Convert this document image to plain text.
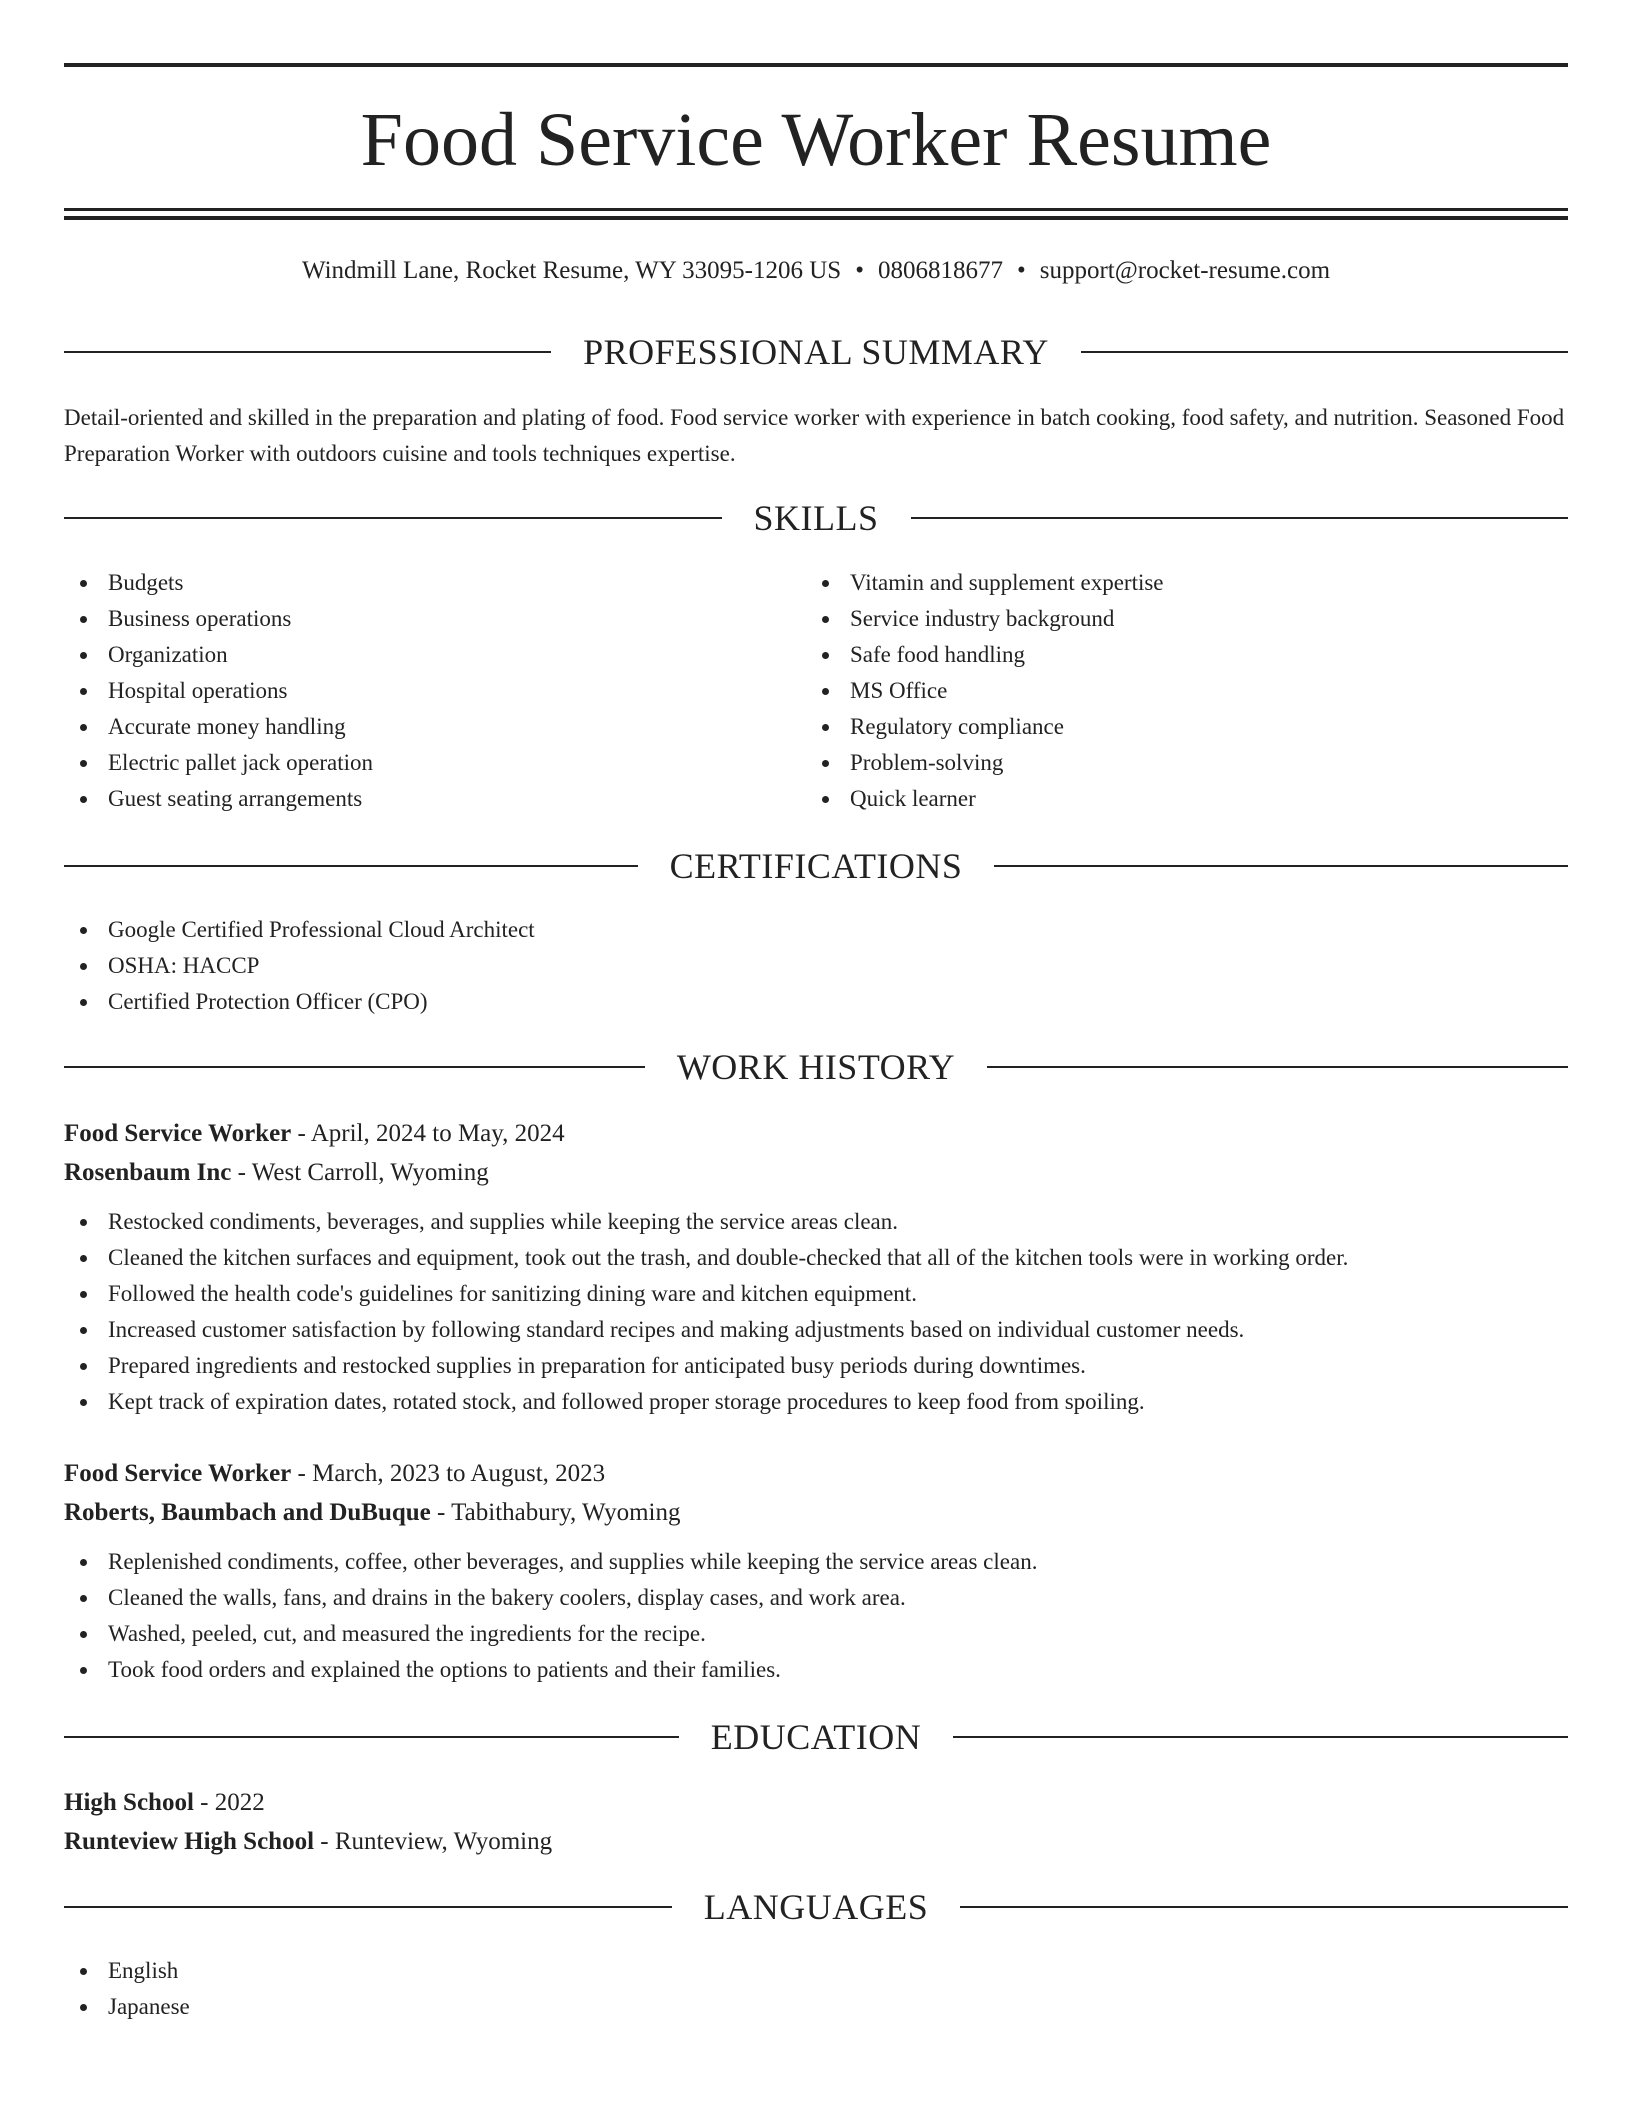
Food Service Worker Resume
Windmill Lane, Rocket Resume, WY 33095-1206 US • 0806818677 • support@rocket-resume.com
PROFESSIONAL SUMMARY

Detail-oriented and skilled in the preparation and plating of food. Food service worker with experience in batch cooking, food safety, and nutrition. Seasoned Food Preparation Worker with outdoors cuisine and tools techniques expertise.

SKILLS
Budgets
Business operations
Organization
Hospital operations
Accurate money handling
Electric pallet jack operation
Guest seating arrangements
Vitamin and supplement expertise
Service industry background
Safe food handling
MS Office
Regulatory compliance
Problem-solving
Quick learner
CERTIFICATIONS
Google Certified Professional Cloud Architect
OSHA: HACCP
Certified Protection Officer (CPO)
WORK HISTORY
Food Service Worker - April, 2024 to May, 2024
Rosenbaum Inc - West Carroll, Wyoming
Restocked condiments, beverages, and supplies while keeping the service areas clean.
Cleaned the kitchen surfaces and equipment, took out the trash, and double-checked that all of the kitchen tools were in working order.
Followed the health code's guidelines for sanitizing dining ware and kitchen equipment.
Increased customer satisfaction by following standard recipes and making adjustments based on individual customer needs.
Prepared ingredients and restocked supplies in preparation for anticipated busy periods during downtimes.
Kept track of expiration dates, rotated stock, and followed proper storage procedures to keep food from spoiling.
Food Service Worker - March, 2023 to August, 2023
Roberts, Baumbach and DuBuque - Tabithabury, Wyoming
Replenished condiments, coffee, other beverages, and supplies while keeping the service areas clean.
Cleaned the walls, fans, and drains in the bakery coolers, display cases, and work area.
Washed, peeled, cut, and measured the ingredients for the recipe.
Took food orders and explained the options to patients and their families.
EDUCATION
High School - 2022
Runteview High School - Runteview, Wyoming
LANGUAGES
English
Japanese
